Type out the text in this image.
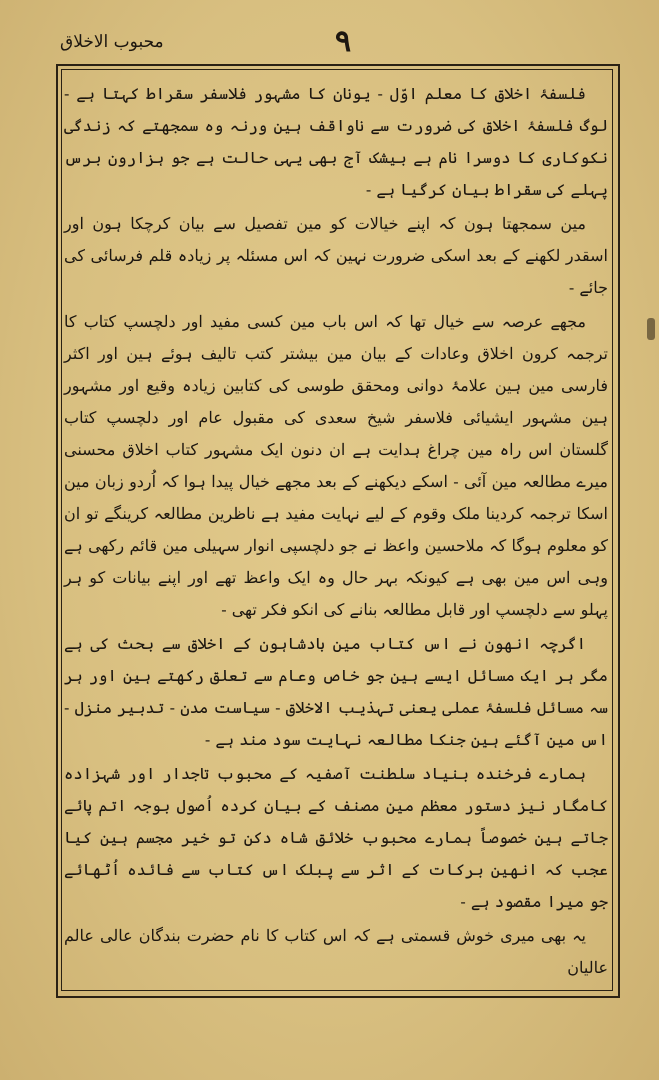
محبوب الاخلاق	۹

فلسفۂ اخلاق کا معلم اوّل - یونان کا مشہور فلاسفر سقراط کہتا ہے - لوگ فلسفۂ اخلاق کی ضرورت سے ناواقف ہین ورنہ وہ سمجھتے کہ زندگی نکوکاری کا دوسرا نام ہے بیشک آج بھی یہی حالت ہے جو ہزارون برس پہلے کی سقراط بیان کرگیا ہے -

مین سمجھتا ہون کہ اپنے خیالات کو مین تفصیل سے بیان کرچکا ہون اور اسقدر لکھنے کے بعد اسکی ضرورت نہین کہ اس مسئلہ پر زیادہ قلم فرسائی کی جائے -

مجھے عرصہ سے خیال تھا کہ اس باب مین کسی مفید اور دلچسپ کتاب کا ترجمہ کرون اخلاق وعادات کے بیان مین بیشتر کتب تالیف ہوئے ہین اور اکثر فارسی مین ہین علامۂ دوانی ومحقق طوسی کی کتابین زیادہ وقیع اور مشہور ہین مشہور ایشیائی فلاسفر شیخ سعدی کی مقبول عام اور دلچسپ کتاب گلستان اس راہ مین چراغ ہدایت ہے ان دنون ایک مشہور کتاب اخلاق محسنی میرے مطالعہ مین آئی - اسکے دیکھنے کے بعد مجھے خیال پیدا ہوا کہ اُردو زبان مین اسکا ترجمہ کردینا ملک وقوم کے لیے نہایت مفید ہے ناظرین مطالعہ کرینگے تو ان کو معلوم ہوگا کہ ملاحسین واعظ نے جو دلچسپی انوار سہیلی مین قائم رکھی ہے وہی اس مین بھی ہے کیونکہ بہر حال وہ ایک واعظ تھے اور اپنے بیانات کو ہر پہلو سے دلچسپ اور قابل مطالعہ بنانے کی انکو فکر تھی -

اگرچہ انھون نے اس کتاب مین بادشاہون کے اخلاق سے بحث کی ہے مگر ہر ایک مسائل ایسے ہین جو خاص وعام سے تعلق رکھتے ہین اور ہر سہ مسائل فلسفۂ عملی یعنی تہذیب الاخلاق - سیاست مدن - تدبیر منزل - اس مین آگئے ہین جنکا مطالعہ نہایت سود مند ہے -

ہمارے فرخندہ بنیاد سلطنت آصفیہ کے محبوب تاجدار اور شہزادہ کامگار نیز دستور معظم مین مصنف کے بیان کردہ اُصول بوجہ اتم پائے جاتے ہین خصوصاً ہمارے محبوب خلائق شاہ دکن تو خیر مجسم ہین کیا عجب کہ انھین برکات کے اثر سے پبلک اس کتاب سے فائدہ اُٹھائے جو میرا مقصود ہے -

یہ بھی میری خوش قسمتی ہے کہ اس کتاب کا نام حضرت بندگان عالی عالم عالیان
